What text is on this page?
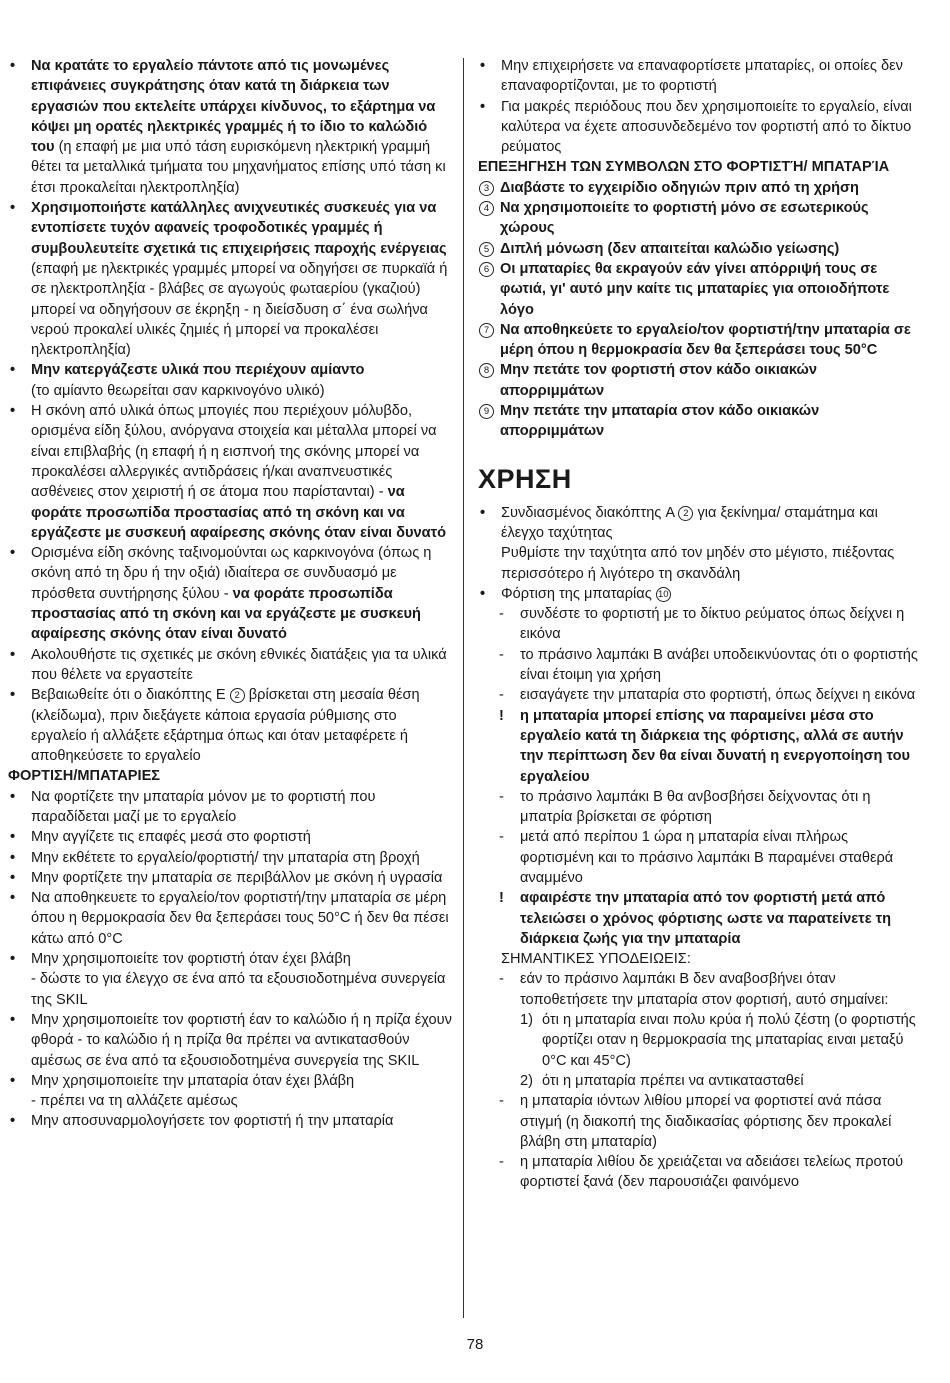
• Να κρατάτε το εργαλείο πάντοτε από τις μονωμένες επιφάνειες συγκράτησης όταν κατά τη διάρκεια των εργασιών που εκτελείτε υπάρχει κίνδυνος, το εξάρτημα να κόψει μη ορατές ηλεκτρικές γραμμές ή το ίδιο το καλώδιό του (η επαφή με μια υπό τάση ευρισκόμενη ηλεκτρική γραμμή θέτει τα μεταλλικά τμήματα του μηχανήματος επίσης υπό τάση κι έτσι προκαλείται ηλεκτροπληξία)
• Χρησιμοποιήστε κατάλληλες ανιχνευτικές συσκευές για να εντοπίσετε τυχόν αφανείς τροφοδοτικές γραμμές ή συμβουλευτείτε σχετικά τις επιχειρήσεις παροχής ενέργειας (επαφή με ηλεκτρικές γραμμές μπορεί να οδηγήσει σε πυρκαϊά ή σε ηλεκτροπληξία - βλάβες σε αγωγούς φωταερίου (γκαζιού) μπορεί να οδηγήσουν σε έκρηξη - η διείσδυση σ΄ ένα σωλήνα νερού προκαλεί υλικές ζημιές ή μπορεί να προκαλέσει ηλεκτροπληξία)
• Μην κατεργάζεστε υλικά που περιέχουν αμίαντο
(το αμίαντο θεωρείται σαν καρκινογόνο υλικό)
• Η σκόνη από υλικά όπως μπογιές που περιέχουν μόλυβδο, ορισμένα είδη ξύλου, ανόργανα στοιχεία και μέταλλα μπορεί να είναι επιβλαβής (η επαφή ή η εισπνοή της σκόνης μπορεί να προκαλέσει αλλεργικές αντιδράσεις ή/και αναπνευστικές ασθένειες στον χειριστή ή σε άτομα που παρίστανται) - να φοράτε προσωπίδα προστασίας από τη σκόνη και να εργάζεστε με συσκευή αφαίρεσης σκόνης όταν είναι δυνατό
• Ορισμένα είδη σκόνης ταξινομούνται ως καρκινογόνα (όπως η σκόνη από τη δρυ ή την οξιά) ιδιαίτερα σε συνδυασμό με πρόσθετα συντήρησης ξύλου - να φοράτε προσωπίδα προστασίας από τη σκόνη και να εργάζεστε με συσκευή αφαίρεσης σκόνης όταν είναι δυνατό
• Ακολουθήστε τις σχετικές με σκόνη εθνικές διατάξεις για τα υλικά που θέλετε να εργαστείτε
• Βεβαιωθείτε ότι ο διακόπτης Ε 2 βρίσκεται στη μεσαία θέση (κλείδωμα), πριν διεξάγετε κάποια εργασία ρύθμισης στο εργαλείο ή αλλάξετε εξάρτημα όπως και όταν μεταφέρετε ή αποθηκεύσετε το εργαλείο
ΦΟΡΤΙΣΗ/ΜΠΑΤΑΡΙΕΣ
• Να φορτίζετε την μπαταρία μόνον με το φορτιστή που παραδίδεται μαζί με το εργαλείο
• Μην αγγίζετε τις επαφές μεσά στο φορτιστή
• Μην εκθέτετε το εργαλείο/φορτιστή/ την μπαταρία στη βροχή
• Μην φορτίζετε την μπαταρία σε περιβάλλον με σκόνη ή υγρασία
• Να αποθηκευετε το εργαλείο/τον φορτιστή/την μπαταρία σε μέρη όπου η θερμοκρασία δεν θα ξεπεράσει τους 50°C ή δεν θα πέσει κάτω από 0°C
• Μην χρησιμοποιείτε τον φορτιστή όταν έχει βλάβη
- δώστε το για έλεγχο σε ένα από τα εξουσιοδοτημένα συνεργεία της SKIL
• Μην χρησιμοποιείτε τον φορτιστή έαν το καλώδιο ή η πρίζα έχουν φθορά - το καλώδιο ή η πρίζα θα πρέπει να αντικατασθούν αμέσως σε ένα από τα εξουσιοδοτημένα συνεργεία της SKIL
• Μην χρησιμοποιείτε την μπαταρία όταν έχει βλάβη
- πρέπει να τη αλλάζετε αμέσως
• Μην αποσυναρμολογήσετε τον φορτιστή ή την μπαταρία
• Μην επιχειρήσετε να επαναφορτίσετε μπαταρίες, οι οποίες δεν επαναφορτίζονται, με το φορτιστή
• Για μακρές περιόδους που δεν χρησιμοποιείτε το εργαλείο, είναι καλύτερα να έχετε αποσυνδεδεμένο τον φορτιστή από το δίκτυο ρεύματος
ΕΠΕΞΗΓΗΣΗ ΤΩΝ ΣΥΜΒΟΛΩΝ ΣΤΟ ΦΟΡΤΙΣΤΉ/ ΜΠΑΤΑΡΊΑ
3 Διαβάστε το εγχειρίδιο οδηγιών πριν από τη χρήση
4 Να χρησιμοποιείτε το φορτιστή μόνο σε εσωτερικούς χώρους
5 Διπλή μόνωση (δεν απαιτείται καλώδιο γείωσης)
6 Οι μπαταρίες θα εκραγούν εάν γίνει απόρριψή τους σε φωτιά, γι' αυτό μην καίτε τις μπαταρίες για οποιοδήποτε λόγο
7 Να αποθηκεύετε το εργαλείο/τον φορτιστή/την μπαταρία σε μέρη όπου η θερμοκρασία δεν θα ξεπεράσει τους 50°C
8 Μην πετάτε τον φορτιστή στον κάδο οικιακών απορριμμάτων
9 Μην πετάτε την μπαταρία στον κάδο οικιακών απορριμμάτων
ΧΡΗΣΗ
• Συνδιασμένος διακόπτης A 2 για ξεκίνημα/ σταμάτημα και έλεγχο ταχύτητας
Ρυθμίστε την ταχύτητα από τον μηδέν στο μέγιστο, πιέξοντας περισσότερο ή λιγότερο τη σκανδάλη
• Φόρτιση της μπαταρίας 10
- συνδέστε το φορτιστή με το δίκτυο ρεύματος όπως δείχνει η εικόνα
- το πράσινο λαμπάκι B ανάβει υποδεικνύοντας ότι ο φορτιστής είναι έτοιμη για χρήση
- εισαγάγετε την μπαταρία στο φορτιστή, όπως δείχνει η εικόνα
! η μπαταρία μπορεί επίσης να παραμείνει μέσα στο εργαλείο κατά τη διάρκεια της φόρτισης, αλλά σε αυτήν την περίπτωση δεν θα είναι δυνατή η ενεργοποίηση του εργαλείου
- το πράσινο λαμπάκι B θα ανβοσβήσει δείχνοντας ότι η μπατρία βρίσκεται σε φόρτιση
- μετά από περίπου 1 ώρα η μπαταρία είναι πλήρως φορτισμένη και το πράσινο λαμπάκι B παραμένει σταθερά αναμμένο
! αφαιρέστε την μπαταρία από τον φορτιστή μετά από τελειώσει ο χρόνος φόρτισης ωστε να παρατείνετε τη διάρκεια ζωής για την μπαταρία
ΣΗΜΑΝΤΙΚΕΣ ΥΠΟΔΕΙΩΕΙΣ:
- εάν το πράσινο λαμπάκι B δεν αναβοσβήνει όταν τοποθετήσετε την μπαταρία στον φορτισή, αυτό σημαίνει:
1) ότι η μπαταρία ειναι πολυ κρύα ή πολύ ζέστη (ο φορτιστής φορτίζει οταν η θερμοκρασία της μπαταρίας ειναι μεταξύ 0°C και 45°C)
2) ότι η μπαταρία πρέπει να αντικατασταθεί
- η μπαταρία ιόντων λιθίου μπορεί να φορτιστεί ανά πάσα στιγμή (η διακοπή της διαδικασίας φόρτισης δεν προκαλεί βλάβη στη μπαταρία)
- η μπαταρία λιθίου δε χρειάζεται να αδειάσει τελείως προτού φορτιστεί ξανά (δεν παρουσιάζει φαινόμενο
78
